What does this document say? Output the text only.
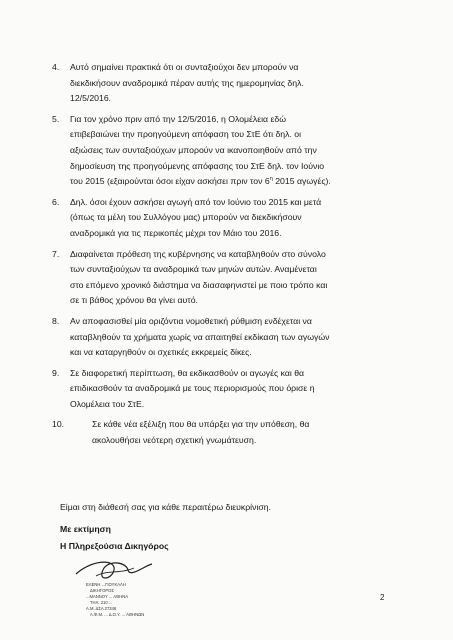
4. Αυτό σημαίνει πρακτικά ότι οι συνταξιούχοι δεν μπορούν να
διεκδικήσουν αναδρομικά πέραν αυτής της ημερομηνίας δηλ.
12/5/2016.
5. Για τον χρόνο πριν από την 12/5/2016, η Ολομέλεια εδώ
επιβεβαιώνει την προηγούμενη απόφαση του ΣτΕ ότι δηλ. οι
αξιώσεις των συνταξιούχων μπορούν να ικανοποιηθούν από την
δημοσίευση της προηγούμενης απόφασης του ΣτΕ δηλ. τον Ιούνιο
του 2015 (εξαιρούνται όσοι είχαν ασκήσει πριν τον $6^\eta$ 2015 αγωγές).
6. Δηλ. όσοι έχουν ασκήσει αγωγή από τον Ιούνιο του 2015 και μετά
(όπως τα μέλη του Συλλόγου μας) μπορούν να διεκδικήσουν
αναδρομικά για τις περικοπές μέχρι τον Μάιο του 2016.
7. Διαφαίνεται πρόθεση της κυβέρνησης να καταβληθούν στο σύνολο
των συνταξιούχων τα αναδρομικά των μηνών αυτών. Αναμένεται
στο επόμενο χρονικό διάστημα να διασαφηνιστεί με ποιο τρόπο και
σε τι βάθος χρόνου θα γίνει αυτό.
8. Αν αποφασισθεί μία οριζόντια νομοθετική ρύθμιση ενδέχεται να
καταβληθούν τα χρήματα χωρίς να απαιτηθεί εκδίκαση των αγωγών
και να καταργηθούν οι σχετικές εκκρεμείς δίκες.
9. Σε διαφορετική περίπτωση, θα εκδικασθούν οι αγωγές και θα
επιδικασθούν τα αναδρομικά με τους περιορισμούς που όρισε η
Ολομέλεια του ΣτΕ.
10.	Σε κάθε νέα εξέλιξη που θα υπάρξει για την υπόθεση, θα
ακολουθήσει νεότερη σχετική γνωμάτευση.
Είμαι στη διάθεσή σας για κάθε περαιτέρω διευκρίνιση.
Με εκτίμηση
Η Πληρεξούσια Δικηγόρος
ΕΛΕΝΗ ...ΓΙΟΥΚΑΛΗ
ΔΙΚΗΓΟΡΟΣ
...ΜΑΝΝΟΥ ... ΑΘΗΝΑ
ΤΗΛ. 210 ...
Α.Μ. ΔΣΑ 27346
Α.Φ.Μ. ... Δ.Ο.Υ. ... ΑΘΗΝΩΝ
2
